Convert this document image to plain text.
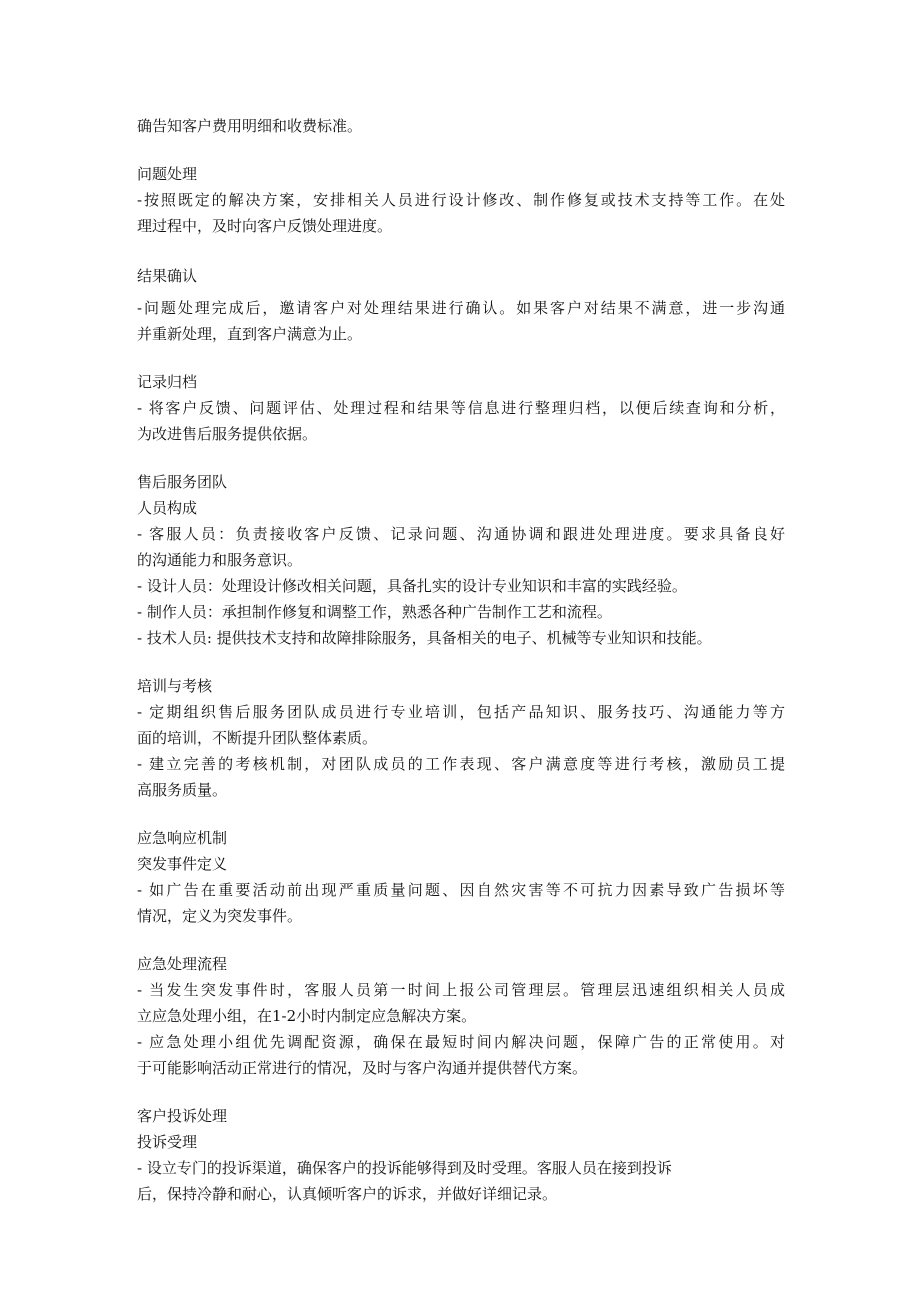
确告知客户费用明细和收费标准。
问题处理
-按照既定的解决方案，安排相关人员进行设计修改、制作修复或技术支持等工作。在处
理过程中，及时向客户反馈处理进度。
结果确认
-问题处理完成后，邀请客户对处理结果进行确认。如果客户对结果不满意，进一步沟通
并重新处理，直到客户满意为止。
记录归档
- 将客户反馈、问题评估、处理过程和结果等信息进行整理归档，以便后续查询和分析，
为改进售后服务提供依据。
售后服务团队
人员构成
- 客服人员：负责接收客户反馈、记录问题、沟通协调和跟进处理进度。要求具备良好
的沟通能力和服务意识。
- 设计人员：处理设计修改相关问题，具备扎实的设计专业知识和丰富的实践经验。
- 制作人员：承担制作修复和调整工作，熟悉各种广告制作工艺和流程。
- 技术人员: 提供技术支持和故障排除服务，具备相关的电子、机械等专业知识和技能。
培训与考核
- 定期组织售后服务团队成员进行专业培训，包括产品知识、服务技巧、沟通能力等方
面的培训，不断提升团队整体素质。
- 建立完善的考核机制，对团队成员的工作表现、客户满意度等进行考核，激励员工提
高服务质量。
应急响应机制
突发事件定义
- 如广告在重要活动前出现严重质量问题、因自然灾害等不可抗力因素导致广告损坏等
情况，定义为突发事件。
应急处理流程
- 当发生突发事件时，客服人员第一时间上报公司管理层。管理层迅速组织相关人员成
立应急处理小组，在1-2小时内制定应急解决方案。
- 应急处理小组优先调配资源，确保在最短时间内解决问题，保障广告的正常使用。对
于可能影响活动正常进行的情况，及时与客户沟通并提供替代方案。
客户投诉处理
投诉受理
- 设立专门的投诉渠道，确保客户的投诉能够得到及时受理。客服人员在接到投诉
后，保持冷静和耐心，认真倾听客户的诉求，并做好详细记录。
